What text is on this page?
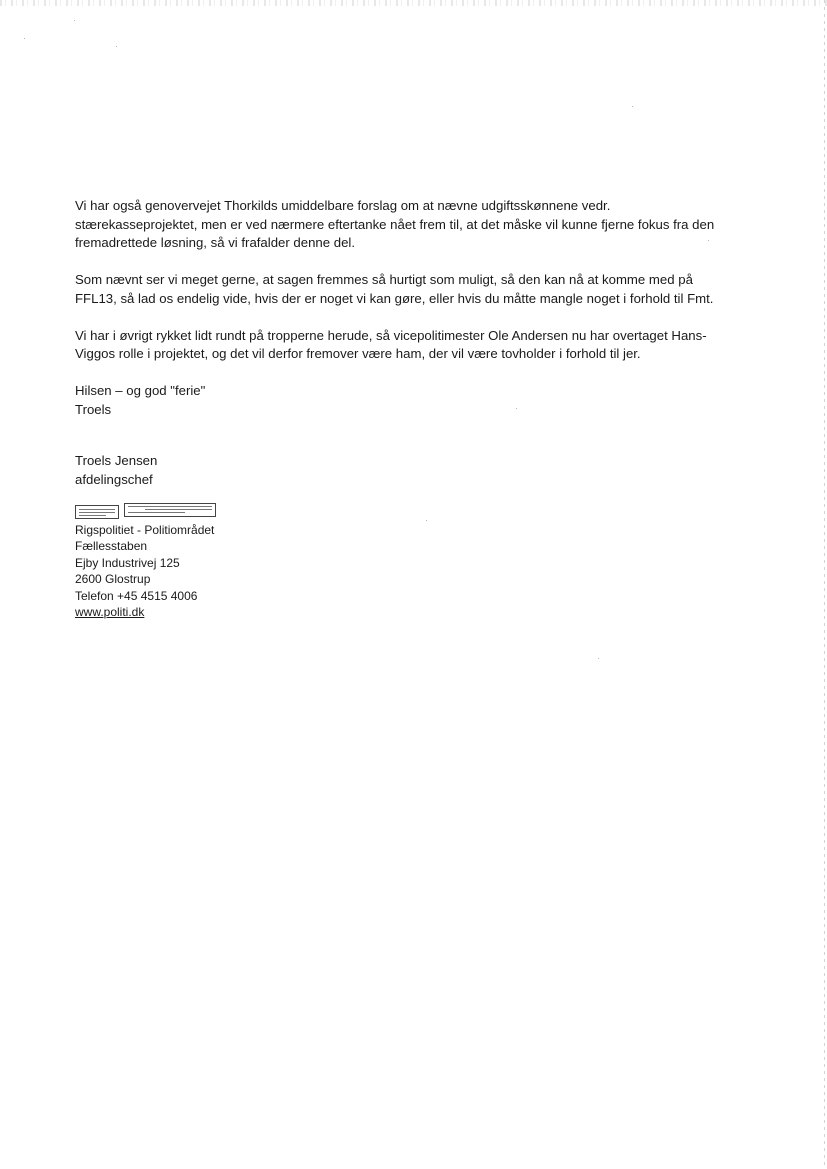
Vi har også genovervejet Thorkilds umiddelbare forslag om at nævne udgiftsskønnene vedr.
stærekasseprojektet, men er ved nærmere eftertanke nået frem til, at det måske vil kunne fjerne fokus fra den
fremadrettede løsning, så vi frafalder denne del.

Som nævnt ser vi meget gerne, at sagen fremmes så hurtigt som muligt, så den kan nå at komme med på
FFL13, så lad os endelig vide, hvis der er noget vi kan gøre, eller hvis du måtte mangle noget i forhold til Fmt.

Vi har i øvrigt rykket lidt rundt på tropperne herude, så vicepolitimester Ole Andersen nu har overtaget Hans-
Viggos rolle i projektet, og det vil derfor fremover være ham, der vil være tovholder i forhold til jer.

Hilsen – og god "ferie"
Troels

Troels Jensen
afdelingschef
Rigspolitiet - Politiområdet
Fællesstaben
Ejby Industrivej 125
2600 Glostrup
Telefon +45 4515 4006
www.politi.dk
